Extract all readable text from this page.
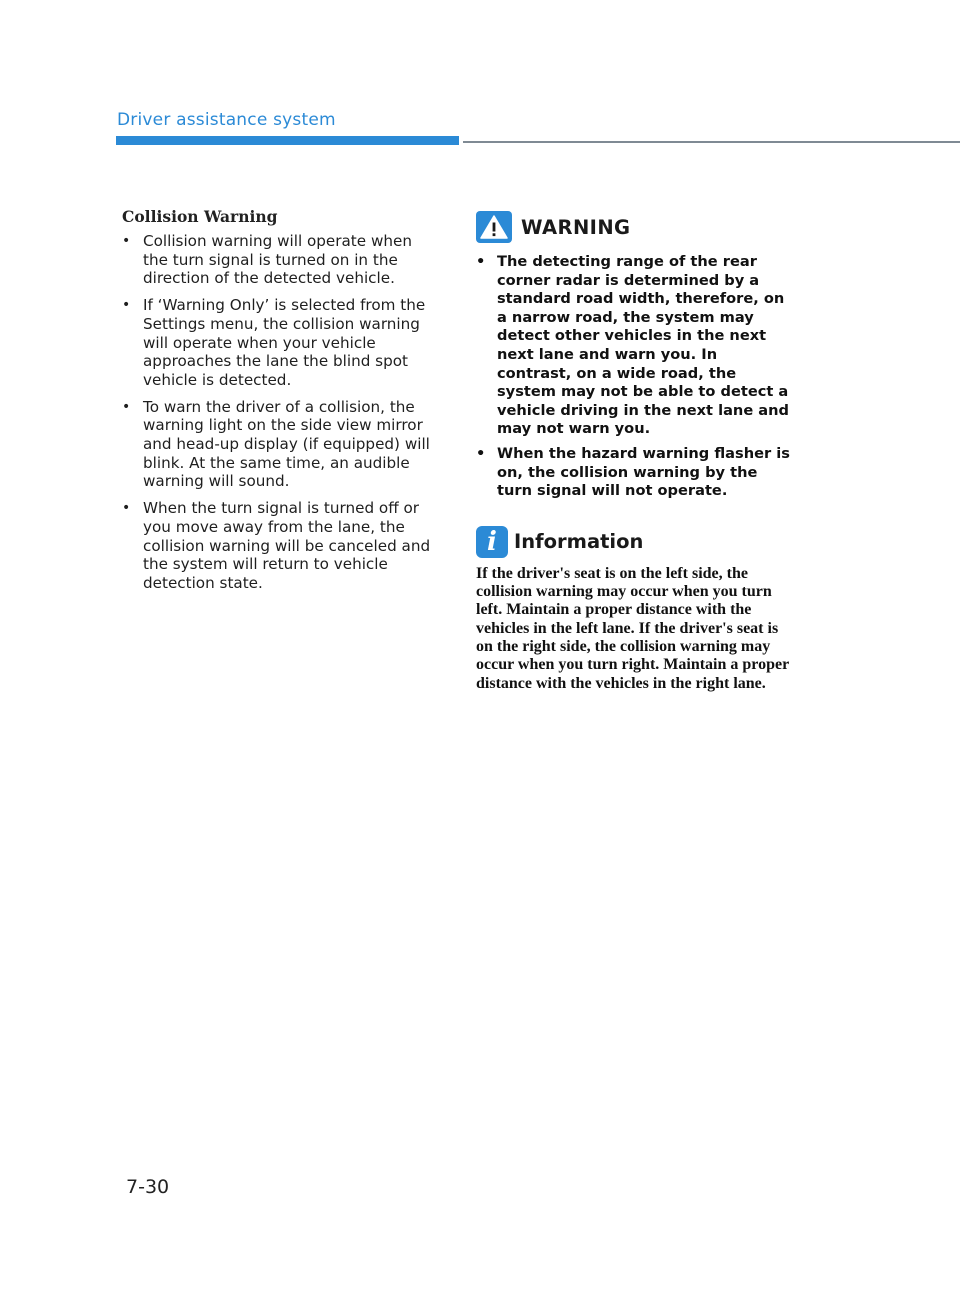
Driver assistance system
Collision Warning
• Collision warning will operate when the turn signal is turned on in the direction of the detected vehicle.
• If ‘Warning Only’ is selected from the Settings menu, the collision warning will operate when your vehicle approaches the lane the blind spot vehicle is detected.
• To warn the driver of a collision, the warning light on the side view mirror and head-up display (if equipped) will blink. At the same time, an audible warning will sound.
• When the turn signal is turned off or you move away from the lane, the collision warning will be canceled and the system will return to vehicle detection state.
WARNING
• The detecting range of the rear corner radar is determined by a standard road width, therefore, on a narrow road, the system may detect other vehicles in the next next lane and warn you. In contrast, on a wide road, the system may not be able to detect a vehicle driving in the next lane and may not warn you.
• When the hazard warning flasher is on, the collision warning by the turn signal will not operate.
i Information

If the driver's seat is on the left side, the collision warning may occur when you turn left. Maintain a proper distance with the vehicles in the left lane. If the driver's seat is on the right side, the collision warning may occur when you turn right. Maintain a proper distance with the vehicles in the right lane.

7-30
